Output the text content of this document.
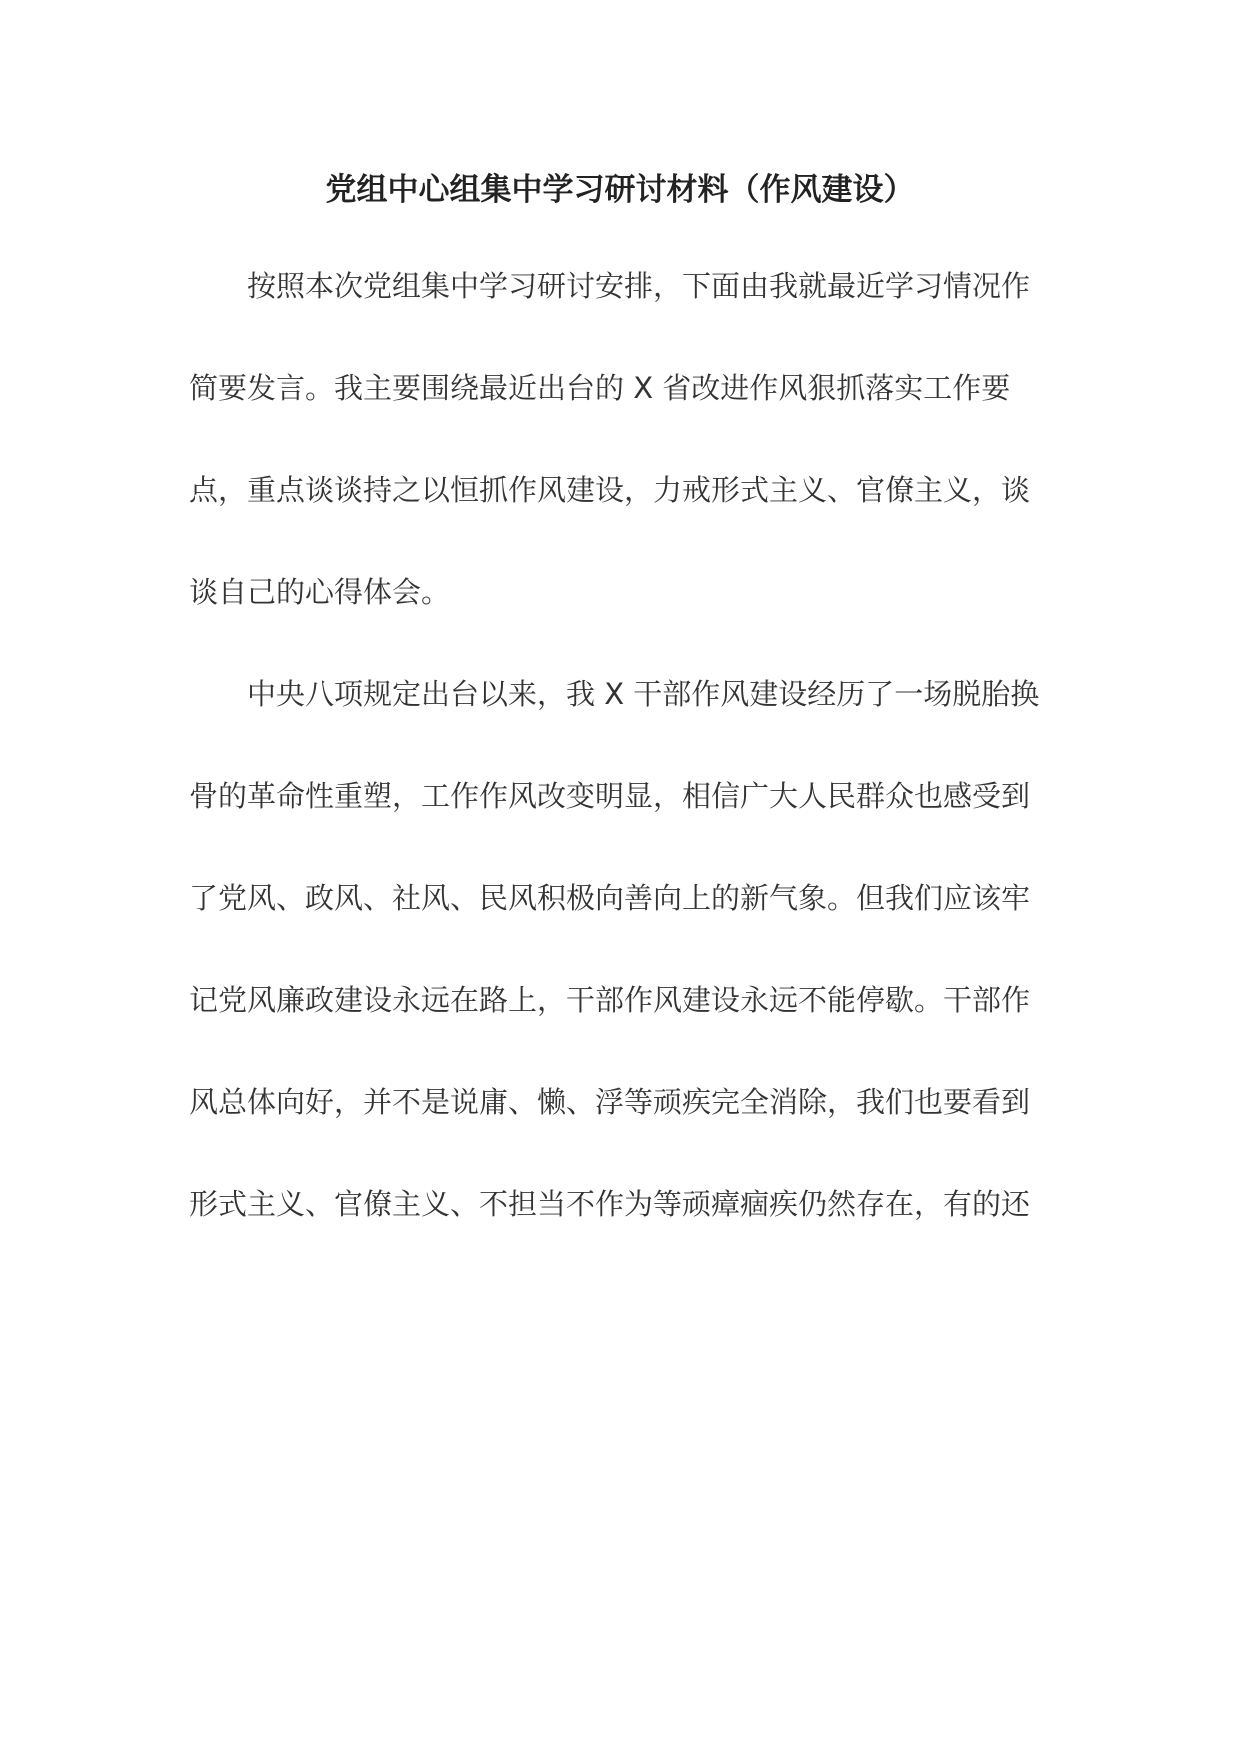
党组中心组集中学习研讨材料（作风建设）

按照本次党组集中学习研讨安排，下面由我就最近学习情况作

简要发言。我主要围绕最近出台的 X 省改进作风狠抓落实工作要

点，重点谈谈持之以恒抓作风建设，力戒形式主义、官僚主义，谈

谈自己的心得体会。

中央八项规定出台以来，我 X 干部作风建设经历了一场脱胎换

骨的革命性重塑，工作作风改变明显，相信广大人民群众也感受到

了党风、政风、社风、民风积极向善向上的新气象。但我们应该牢

记党风廉政建设永远在路上，干部作风建设永远不能停歇。干部作

风总体向好，并不是说庸、懒、浮等顽疾完全消除，我们也要看到

形式主义、官僚主义、不担当不作为等顽瘴痼疾仍然存在，有的还
